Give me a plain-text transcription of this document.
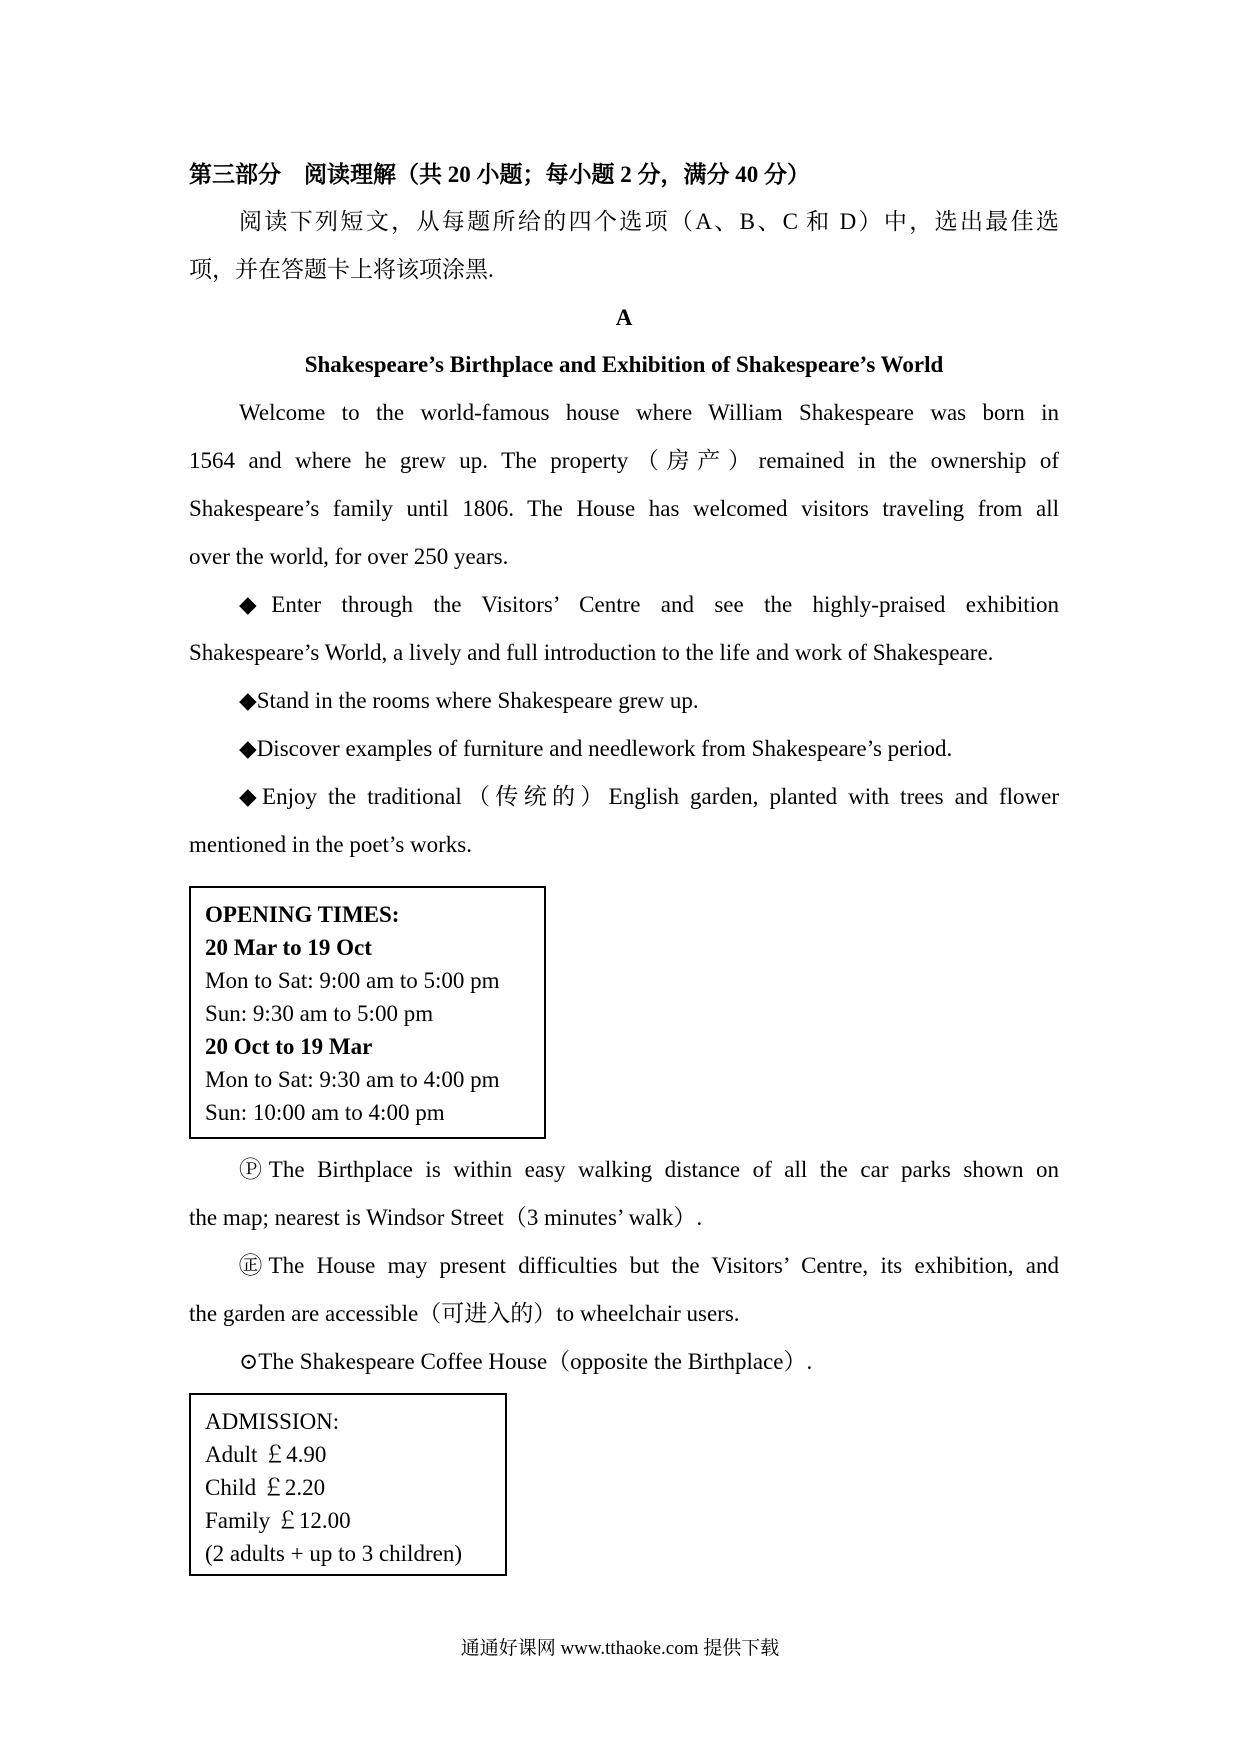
第三部分　阅读理解（共 20 小题；每小题 2 分，满分 40 分）
阅读下列短文，从每题所给的四个选项（A、B、C 和 D）中，选出最佳选
项，并在答题卡上将该项涂黑.
A
Shakespeare’s Birthplace and Exhibition of Shakespeare’s World
Welcome to the world-famous house where William Shakespeare was born in
1564 and where he grew up. The property（房产）remained in the ownership of
Shakespeare’s family until 1806. The House has welcomed visitors traveling from all
over the world, for over 250 years.
◆Enter through the Visitors’ Centre and see the highly-praised exhibition
Shakespeare’s World, a lively and full introduction to the life and work of Shakespeare.
◆Stand in the rooms where Shakespeare grew up.
◆Discover examples of furniture and needlework from Shakespeare’s period.
◆Enjoy the traditional（传统的）English garden, planted with trees and flower
mentioned in the poet’s works.
OPENING TIMES:
20 Mar to 19 Oct
Mon to Sat: 9:00 am to 5:00 pm
Sun: 9:30 am to 5:00 pm
20 Oct to 19 Mar
Mon to Sat: 9:30 am to 4:00 pm
Sun: 10:00 am to 4:00 pm
ⓅThe Birthplace is within easy walking distance of all the car parks shown on
the map; nearest is Windsor Street（3 minutes’ walk）.
㊣The House may present difficulties but the Visitors’ Centre, its exhibition, and
the garden are accessible（可进入的）to wheelchair users.
⊙The Shakespeare Coffee House（opposite the Birthplace）.
ADMISSION:
Adult ￡4.90
Child ￡2.20
Family ￡12.00
(2 adults + up to 3 children)
通通好课网 www.tthaoke.com 提供下载
